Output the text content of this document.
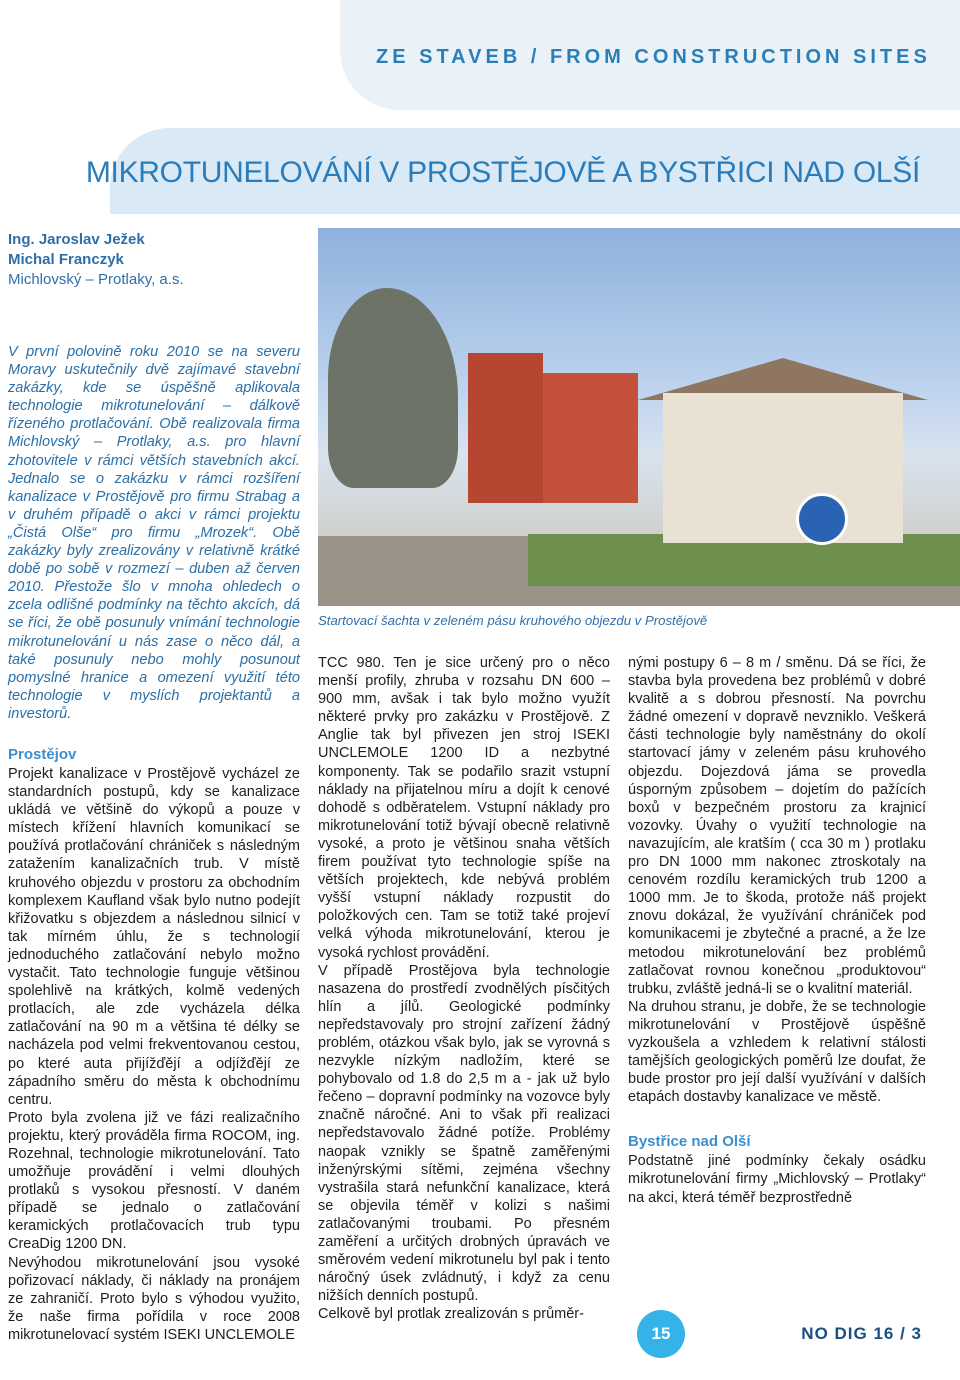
ZE STAVEB / FROM CONSTRUCTION SITES
MIKROTUNELOVÁNÍ V PROSTĚJOVĚ A BYSTŘICI NAD OLŠÍ
Ing. Jaroslav Ježek
Michal Franczyk
Michlovský – Protlaky, a.s.
V první polovině roku 2010 se na severu Moravy uskutečnily dvě zajímavé stavební zakázky, kde se úspěšně aplikovala technologie mikrotunelování – dálkově řízeného protlačování. Obě realizovala firma Michlovský – Protlaky, a.s. pro hlavní zhotovitele v rámci větších stavebních akcí. Jednalo se o zakázku v rámci rozšíření kanalizace v Prostějově pro firmu Strabag a v druhém případě o akci v rámci projektu „Čistá Olše“ pro firmu „Mrozek“. Obě zakázky byly zrealizovány v relativně krátké době po sobě v rozmezí – duben až červen 2010. Přestože šlo v mnoha ohledech o zcela odlišné podmínky na těchto akcích, dá se říci, že obě posunuly vnímání technologie mikrotunelování u nás zase o něco dál, a také posunuly nebo mohly posunout pomyslné hranice a omezení využití této technologie v myslích projektantů a investorů.
Startovací šachta v zeleném pásu kruhového objezdu v Prostějově
Prostějov

Projekt kanalizace v Prostějově vycházel ze standardních postupů, kdy se kanalizace ukládá ve většině do výkopů a pouze v místech křížení hlavních komunikací se používá protlačování chrániček s následným zatažením kanalizačních trub. V místě kruhového objezdu v prostoru za obchodním komplexem Kaufland však bylo nutno podejít křižovatku s objezdem a následnou silnicí v tak mírném úhlu, že s technologií jednoduchého zatlačování nebylo možno vystačit. Tato technologie funguje většinou spolehlivě na krátkých, kolmě vedených protlacích, ale zde vycházela délka zatlačování na 90 m a většina té délky se nacházela pod velmi frekventovanou cestou, po které auta přijížďějí a odjížďějí ze západního směru do města k obchodnímu centru.

Proto byla zvolena již ve fázi realizačního projektu, který prováděla firma ROCOM, ing. Rozehnal, technologie mikrotunelování. Tato umožňuje provádění i velmi dlouhých protlaků s vysokou přesností. V daném případě se jednalo o zatlačování keramických protlačovacích trub typu CreaDig 1200 DN.

Nevýhodou mikrotunelování jsou vysoké pořizovací náklady, či náklady na pronájem ze zahraničí. Proto bylo s výhodou využito, že naše firma pořídila v roce 2008 mikrotunelovací systém ISEKI UNCLEMOLE

TCC 980. Ten je sice určený pro o něco menší profily, zhruba v rozsahu DN 600 – 900 mm, avšak i tak bylo možno využít některé prvky pro zakázku v Prostějově. Z Anglie tak byl přivezen jen stroj ISEKI UNCLEMOLE 1200 ID a nezbytné komponenty. Tak se podařilo srazit vstupní náklady na přijatelnou míru a dojít k cenové dohodě s odběratelem. Vstupní náklady pro mikrotunelování totiž bývají obecně relativně vysoké, a proto je většinou snaha větších firem používat tyto technologie spíše na větších projektech, kde nebývá problém vyšší vstupní náklady rozpustit do položkových cen. Tam se totiž také projeví velká výhoda mikrotunelování, kterou je vysoká rychlost provádění.

V případě Prostějova byla technologie nasazena do prostředí zvodnělých písčitých hlín a jílů. Geologické podmínky nepředstavovaly pro strojní zařízení žádný problém, otázkou však bylo, jak se vyrovná s nezvykle nízkým nadložím, které se pohybovalo od 1.8 do 2,5 m a - jak už bylo řečeno – dopravní podmínky na vozovce byly značně náročné. Ani to však při realizaci nepředstavovalo žádné potíže. Problémy naopak vznikly se špatně zaměřenými inženýrskými sítěmi, zejména všechny vystrašila stará nefunkční kanalizace, která se objevila téměř v kolizi s našimi zatlačovanými troubami. Po přesném zaměření a určitých drobných úpravách ve směrovém vedení mikrotunelu byl pak i tento náročný úsek zvládnutý, i když za cenu nižších denních postupů.

Celkově byl protlak zrealizován s průměr-

nými postupy 6 – 8 m / směnu. Dá se říci, že stavba byla provedena bez problémů v dobré kvalitě a s dobrou přesností. Na povrchu žádné omezení v dopravě nevzniklo. Veškerá části technologie byly naměstnány do okolí startovací jámy v zeleném pásu kruhového objezdu. Dojezdová jáma se provedla úsporným způsobem – dojetím do pažících boxů v bezpečném prostoru za krajnicí vozovky. Úvahy o využití technologie na navazujícím, ale kratším ( cca 30 m ) protlaku pro DN 1000 mm nakonec ztroskotaly na cenovém rozdílu keramických trub 1200 a 1000 mm. Je to škoda, protože náš projekt znovu dokázal, že využívání chrániček pod komunikacemi je zbytečné a pracné, a že lze metodou mikrotunelování bez problémů zatlačovat rovnou konečnou „produktovou“ trubku, zvláště jedná-li se o kvalitní materiál.

Na druhou stranu, je dobře, že se technologie mikrotunelování v Prostějově úspěšně vyzkoušela a vzhledem k relativní stálosti tamějších geologických poměrů lze doufat, že bude prostor pro její další využívání v dalších etapách dostavby kanalizace ve městě.

Bystřice nad Olší

Podstatně jiné podmínky čekaly osádku mikrotunelování firmy „Michlovský – Protlaky“ na akci, která téměř bezprostředně

15	NO DIG 16 / 3
